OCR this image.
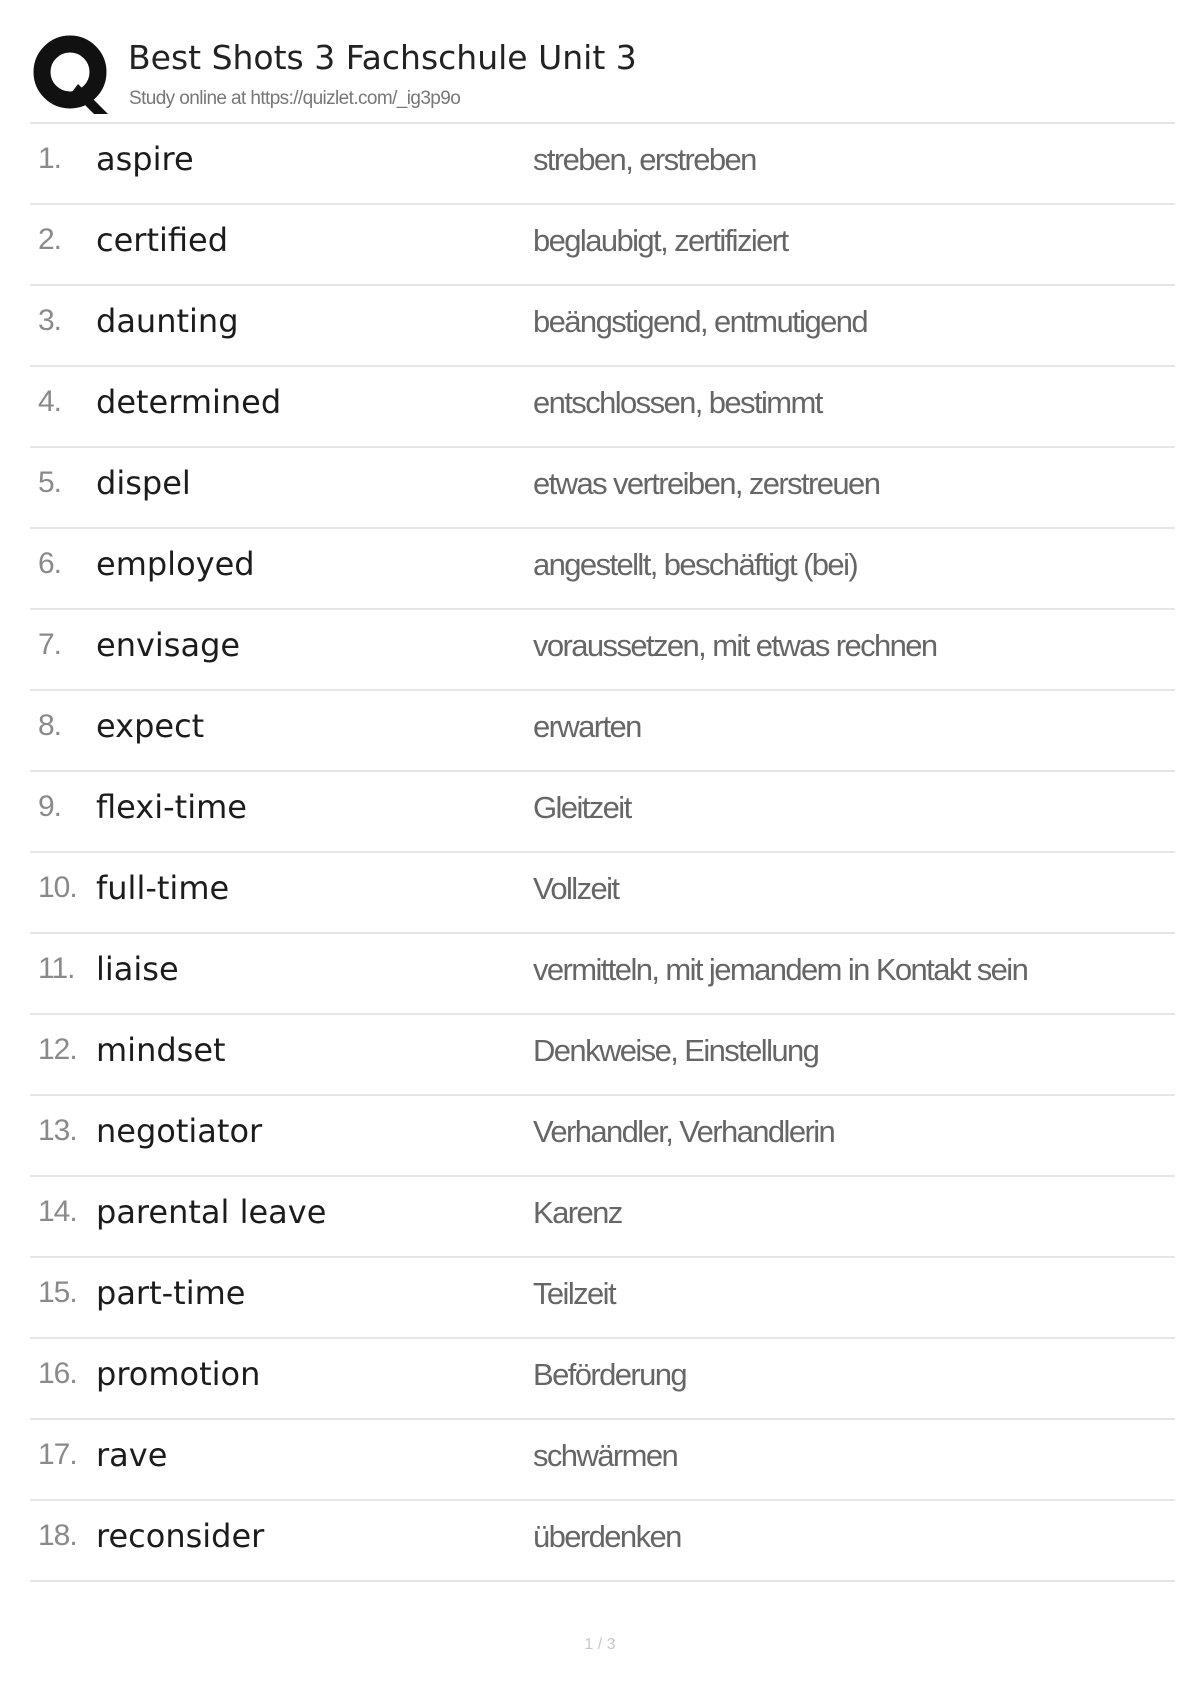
Best Shots 3 Fachschule Unit 3
Study online at https://quizlet.com/_ig3p9o
1. aspire	streben, erstreben
2. certified	beglaubigt, zertifiziert
3. daunting	beängstigend, entmutigend
4. determined	entschlossen, bestimmt
5. dispel	etwas vertreiben, zerstreuen
6. employed	angestellt, beschäftigt (bei)
7. envisage	voraussetzen, mit etwas rechnen
8. expect	erwarten
9. flexi-time	Gleitzeit
10. full-time	Vollzeit
11. liaise	vermitteln, mit jemandem in Kontakt sein
12. mindset	Denkweise, Einstellung
13. negotiator	Verhandler, Verhandlerin
14. parental leave	Karenz
15. part-time	Teilzeit
16. promotion	Beförderung
17. rave	schwärmen
18. reconsider	überdenken
1 / 3
